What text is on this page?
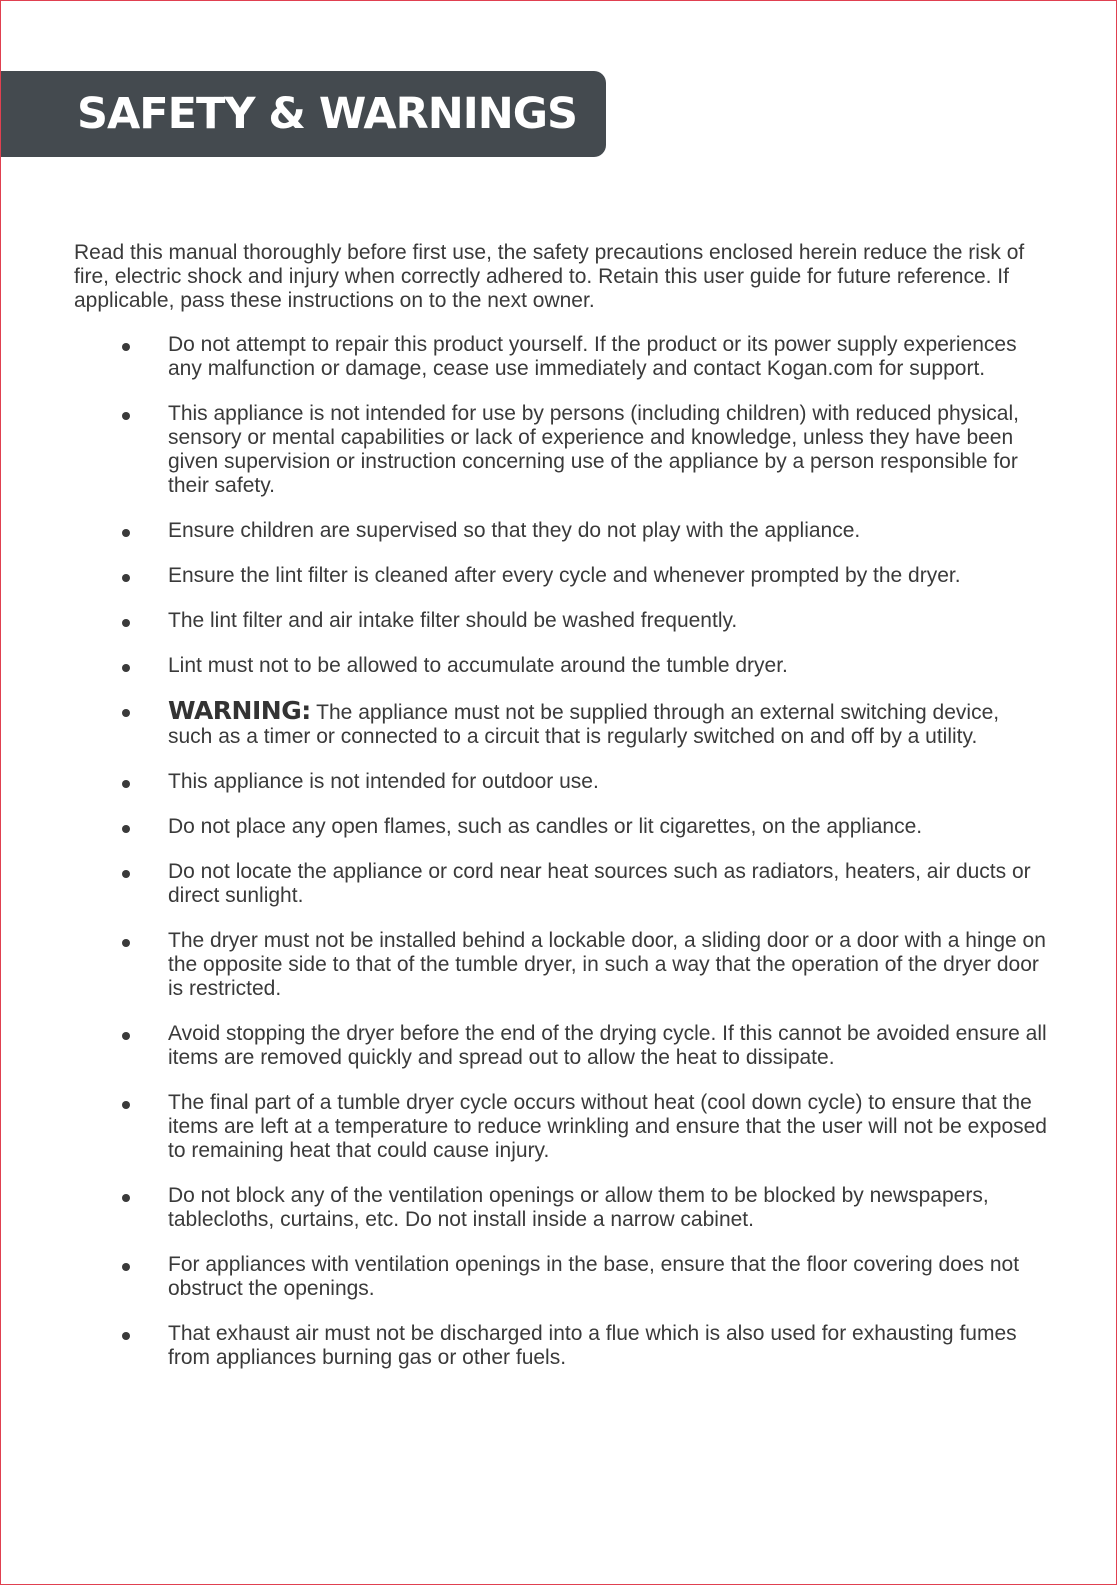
SAFETY & WARNINGS

Read this manual thoroughly before first use, the safety precautions enclosed herein reduce the risk of fire, electric shock and injury when correctly adhered to. Retain this user guide for future reference. If applicable, pass these instructions on to the next owner.

Do not attempt to repair this product yourself. If the product or its power supply experiences any malfunction or damage, cease use immediately and contact Kogan.com for support.
This appliance is not intended for use by persons (including children) with reduced physical, sensory or mental capabilities or lack of experience and knowledge, unless they have been given supervision or instruction concerning use of the appliance by a person responsible for their safety.
Ensure children are supervised so that they do not play with the appliance.
Ensure the lint filter is cleaned after every cycle and whenever prompted by the dryer.
The lint filter and air intake filter should be washed frequently.
Lint must not to be allowed to accumulate around the tumble dryer.
WARNING: The appliance must not be supplied through an external switching device, such as a timer or connected to a circuit that is regularly switched on and off by a utility.
This appliance is not intended for outdoor use.
Do not place any open flames, such as candles or lit cigarettes, on the appliance.
Do not locate the appliance or cord near heat sources such as radiators, heaters, air ducts or direct sunlight.
The dryer must not be installed behind a lockable door, a sliding door or a door with a hinge on the opposite side to that of the tumble dryer, in such a way that the operation of the dryer door is restricted.
Avoid stopping the dryer before the end of the drying cycle. If this cannot be avoided ensure all items are removed quickly and spread out to allow the heat to dissipate.
The final part of a tumble dryer cycle occurs without heat (cool down cycle) to ensure that the items are left at a temperature to reduce wrinkling and ensure that the user will not be exposed to remaining heat that could cause injury.
Do not block any of the ventilation openings or allow them to be blocked by newspapers, tablecloths, curtains, etc. Do not install inside a narrow cabinet.
For appliances with ventilation openings in the base, ensure that the floor covering does not obstruct the openings.
That exhaust air must not be discharged into a flue which is also used for exhausting fumes from appliances burning gas or other fuels.
